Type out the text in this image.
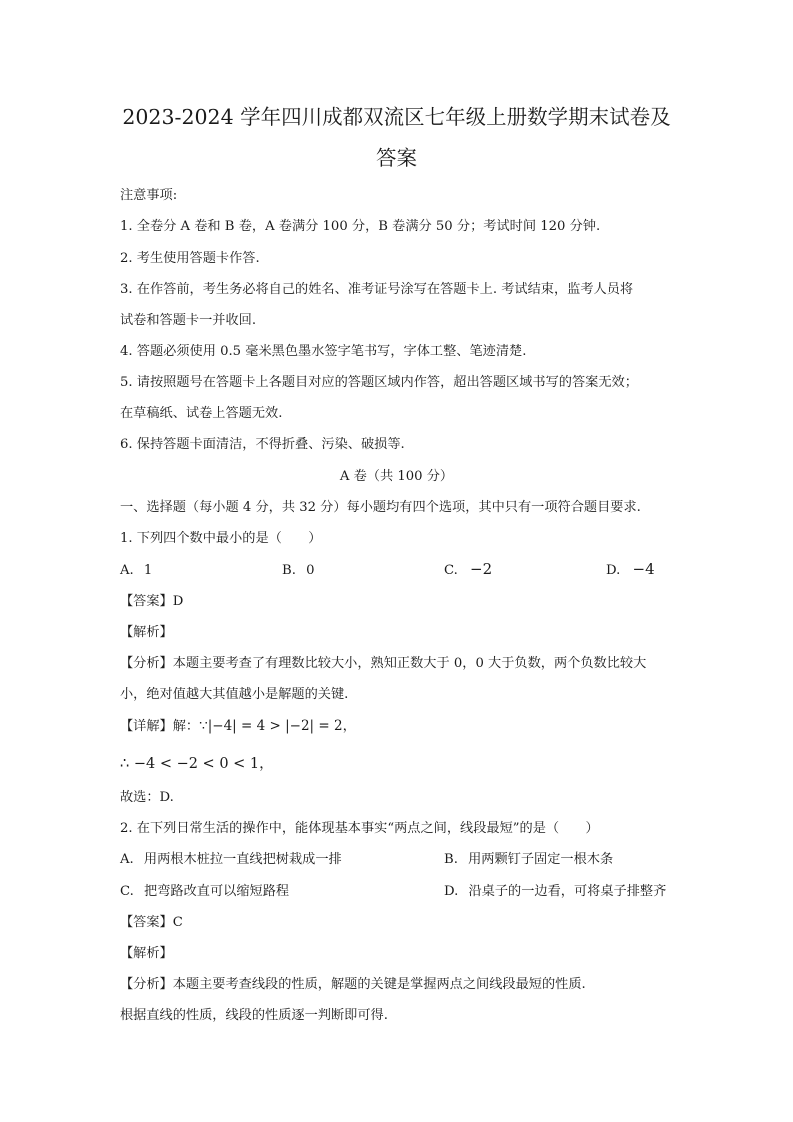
2023-2024 学年四川成都双流区七年级上册数学期末试卷及
答案
注意事项:
1. 全卷分 A 卷和 B 卷，A 卷满分 100 分，B 卷满分 50 分；考试时间 120 分钟.
2. 考生使用答题卡作答.
3. 在作答前，考生务必将自己的姓名、准考证号涂写在答题卡上. 考试结束，监考人员将
试卷和答题卡一并收回.
4. 答题必须使用 0.5 毫米黑色墨水签字笔书写，字体工整、笔迹清楚.
5. 请按照题号在答题卡上各题目对应的答题区域内作答，超出答题区域书写的答案无效；
在草稿纸、试卷上答题无效.
6. 保持答题卡面清洁，不得折叠、污染、破损等.
A 卷（共 100 分）
一、选择题（每小题 4 分，共 32 分）每小题均有四个选项，其中只有一项符合题目要求.
1. 下列四个数中最小的是（　　）
A. 1	B. 0	C. −2	D. −4
【答案】D
【解析】
【分析】本题主要考查了有理数比较大小，熟知正数大于 0，0 大于负数，两个负数比较大
小，绝对值越大其值越小是解题的关键.
【详解】解：∵|−4| = 4 > |−2| = 2，
∴ −4 < −2 < 0 < 1，
故选：D.
2. 在下列日常生活的操作中，能体现基本事实“两点之间，线段最短”的是（　　）
A. 用两根木桩拉一直线把树栽成一排	B. 用两颗钉子固定一根木条
C. 把弯路改直可以缩短路程	D. 沿桌子的一边看，可将桌子排整齐
【答案】C
【解析】
【分析】本题主要考查线段的性质，解题的关键是掌握两点之间线段最短的性质.
根据直线的性质，线段的性质逐一判断即可得.
